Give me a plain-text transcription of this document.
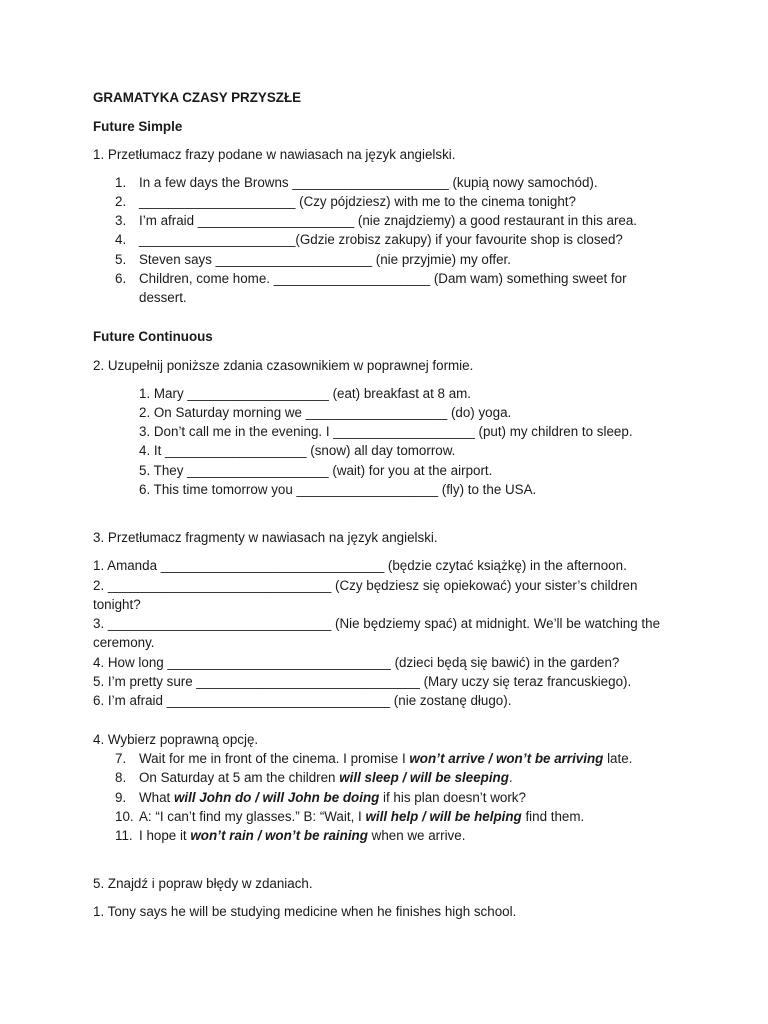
GRAMATYKA CZASY PRZYSZŁE
Future Simple
1. Przetłumacz frazy podane w nawiasach na język angielski.
1. In a few days the Browns _____________________ (kupią nowy samochód).
2. _____________________ (Czy pójdziesz) with me to the cinema tonight?
3. I’m afraid _____________________ (nie znajdziemy) a good restaurant in this area.
4. _____________________(Gdzie zrobisz zakupy) if your favourite shop is closed?
5. Steven says _____________________ (nie przyjmie) my offer.
6. Children, come home. _____________________ (Dam wam) something sweet for
dessert.
Future Continuous
2. Uzupełnij poniższe zdania czasownikiem w poprawnej formie.
1. Mary ___________________ (eat) breakfast at 8 am.
2. On Saturday morning we ___________________ (do) yoga.
3. Don’t call me in the evening. I ___________________ (put) my children to sleep.
4. It ___________________ (snow) all day tomorrow.
5. They ___________________ (wait) for you at the airport.
6. This time tomorrow you ___________________ (fly) to the USA.
3. Przetłumacz fragmenty w nawiasach na język angielski.
1. Amanda ______________________________ (będzie czytać książkę) in the afternoon.
2. ______________________________ (Czy będziesz się opiekować) your sister’s children
tonight?
3. ______________________________ (Nie będziemy spać) at midnight. We’ll be watching the
ceremony.
4. How long ______________________________ (dzieci będą się bawić) in the garden?
5. I’m pretty sure ______________________________ (Mary uczy się teraz francuskiego).
6. I’m afraid ______________________________ (nie zostanę długo).
4. Wybierz poprawną opcję.
7. Wait for me in front of the cinema. I promise I won’t arrive / won’t be arriving late.
8. On Saturday at 5 am the children will sleep / will be sleeping.
9. What will John do / will John be doing if his plan doesn’t work?
10. A: “I can’t find my glasses.” B: “Wait, I will help / will be helping find them.
11. I hope it won’t rain / won’t be raining when we arrive.
5. Znajdź i popraw błędy w zdaniach.
1. Tony says he will be studying medicine when he finishes high school.
